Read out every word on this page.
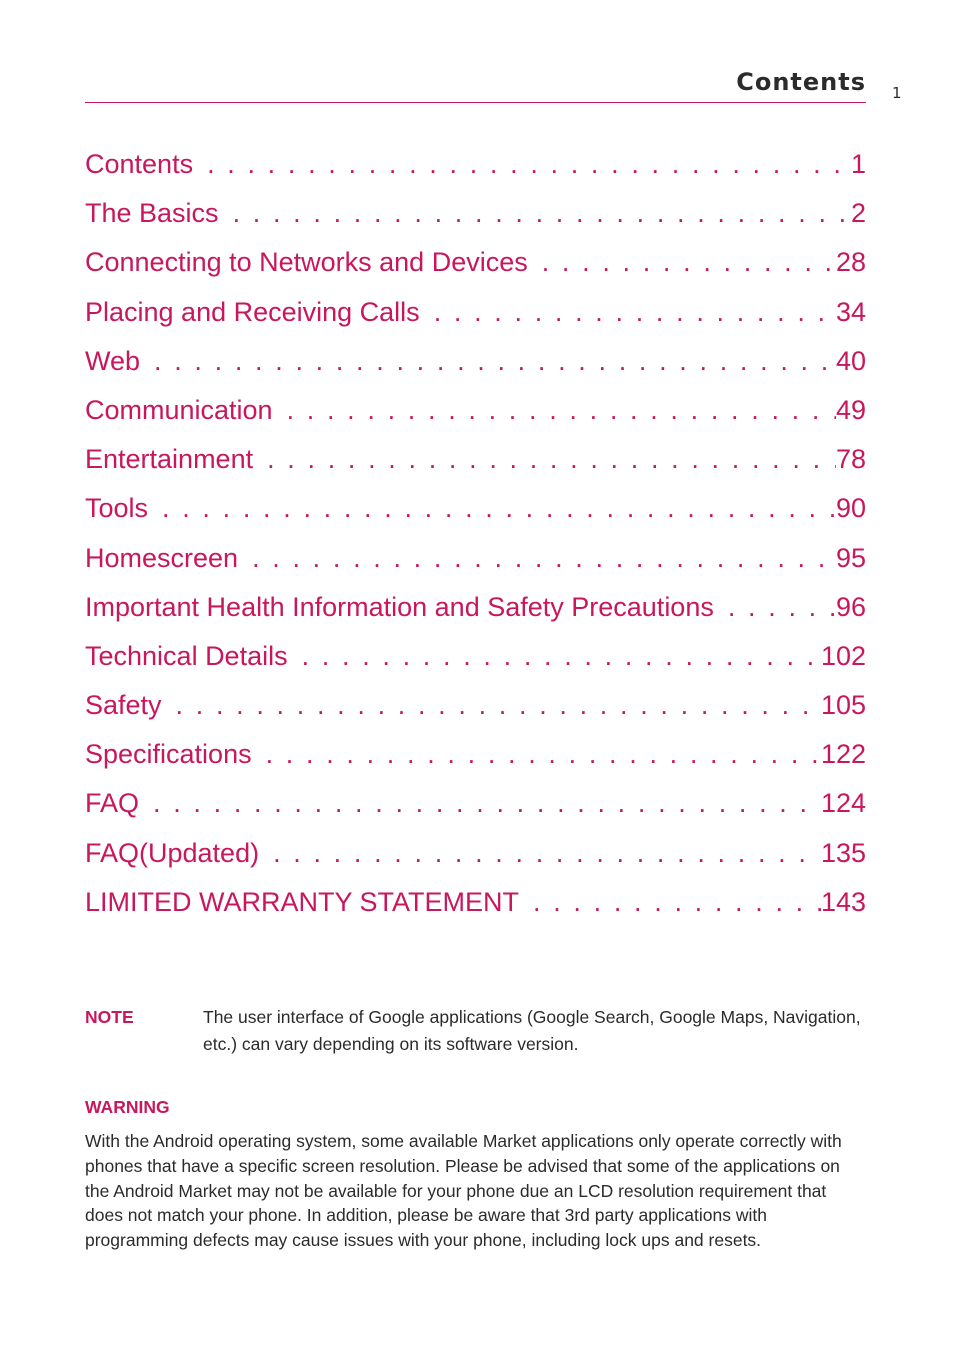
Contents 1
Contents . . .	1
The Basics . . .	2
Connecting to Networks and Devices . . .	28
Placing and Receiving Calls . . .	34
Web . . .	40
Communication . . .	49
Entertainment . . .	78
Tools . . .	90
Homescreen . . .	95
Important Health Information and Safety Precautions . . .	96
Technical Details . . .	102
Safety . . .	105
Specifications . . .	122
FAQ . . .	124
FAQ(Updated) . . .	135
LIMITED WARRANTY STATEMENT . . .	143
NOTE	The user interface of Google applications (Google Search, Google Maps, Navigation, etc.) can vary depending on its software version.
WARNING

With the Android operating system, some available Market applications only operate correctly with phones that have a specific screen resolution. Please be advised that some of the applications on the Android Market may not be available for your phone due an LCD resolution requirement that does not match your phone. In addition, please be aware that 3rd party applications with programming defects may cause issues with your phone, including lock ups and resets.
